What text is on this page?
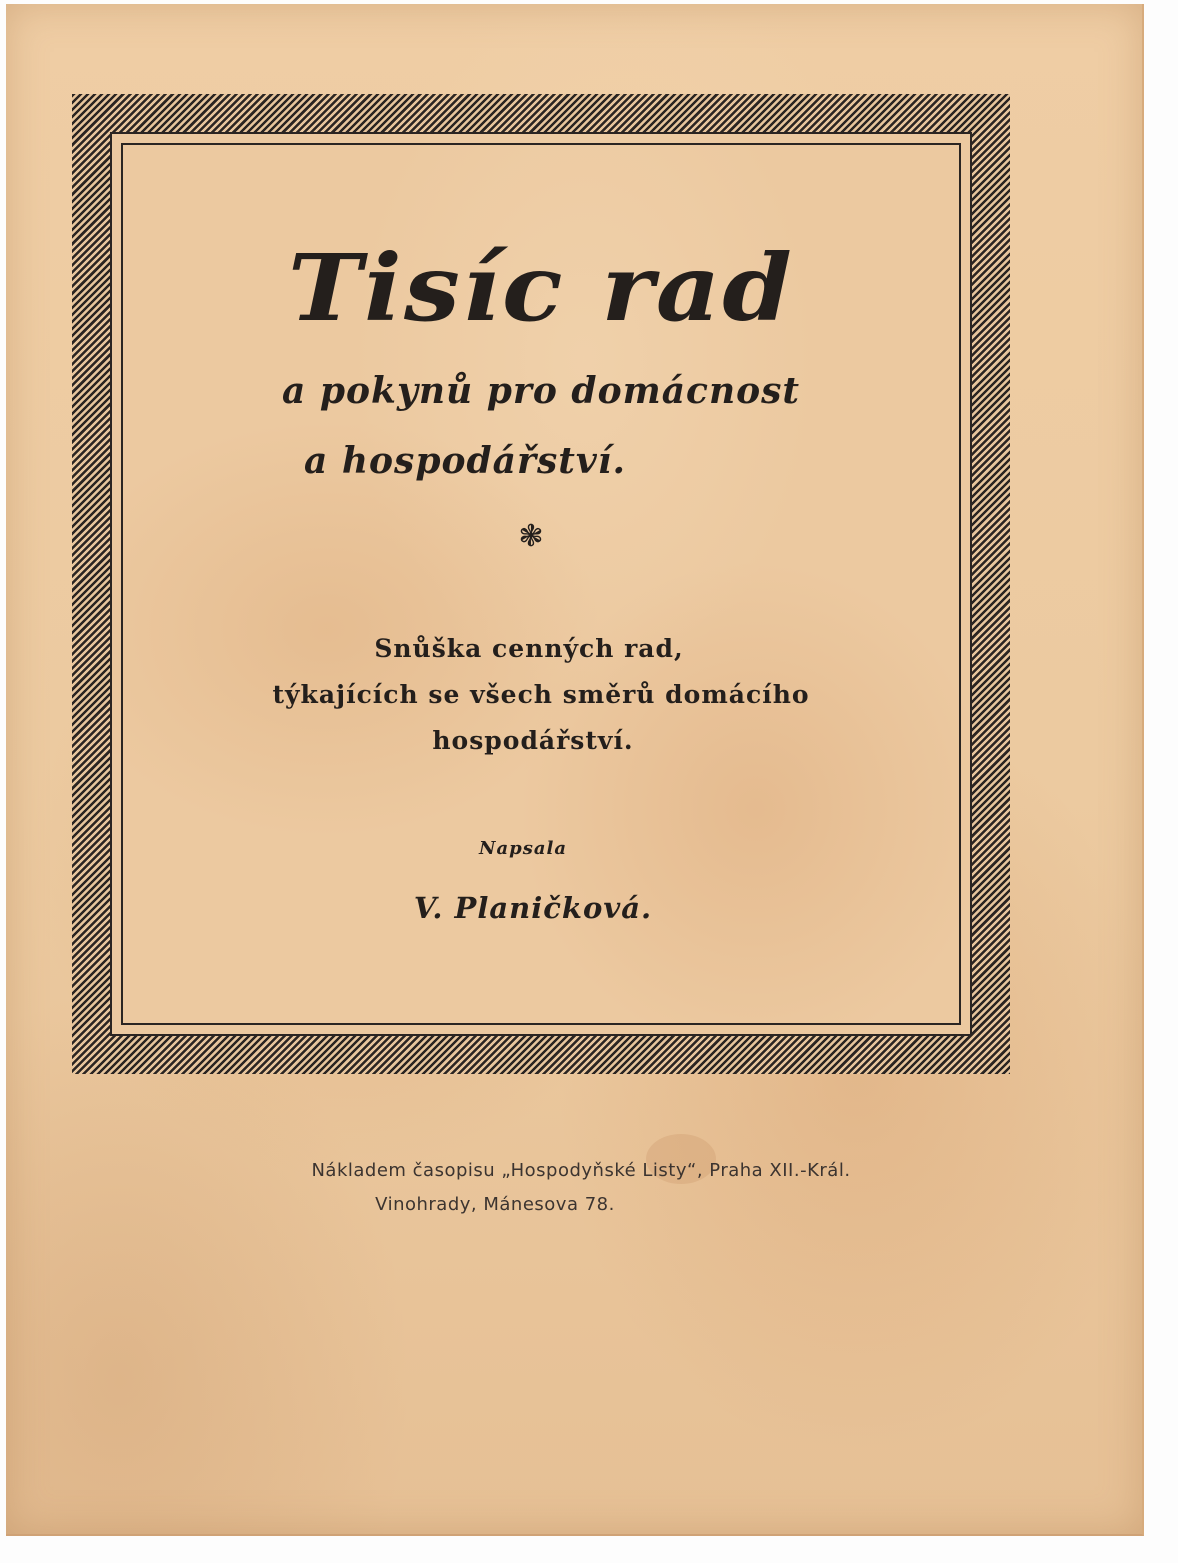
Tisíc rad
a pokynů pro domácnost
a hospodářství.
❃
Snůška cenných rad,
týkajících se všech směrů domácího
hospodářství.
Napsala
V. Planičková.
Nákladem časopisu „Hospodyňské Listy“, Praha XII.-Král.
Vinohrady, Mánesova 78.
